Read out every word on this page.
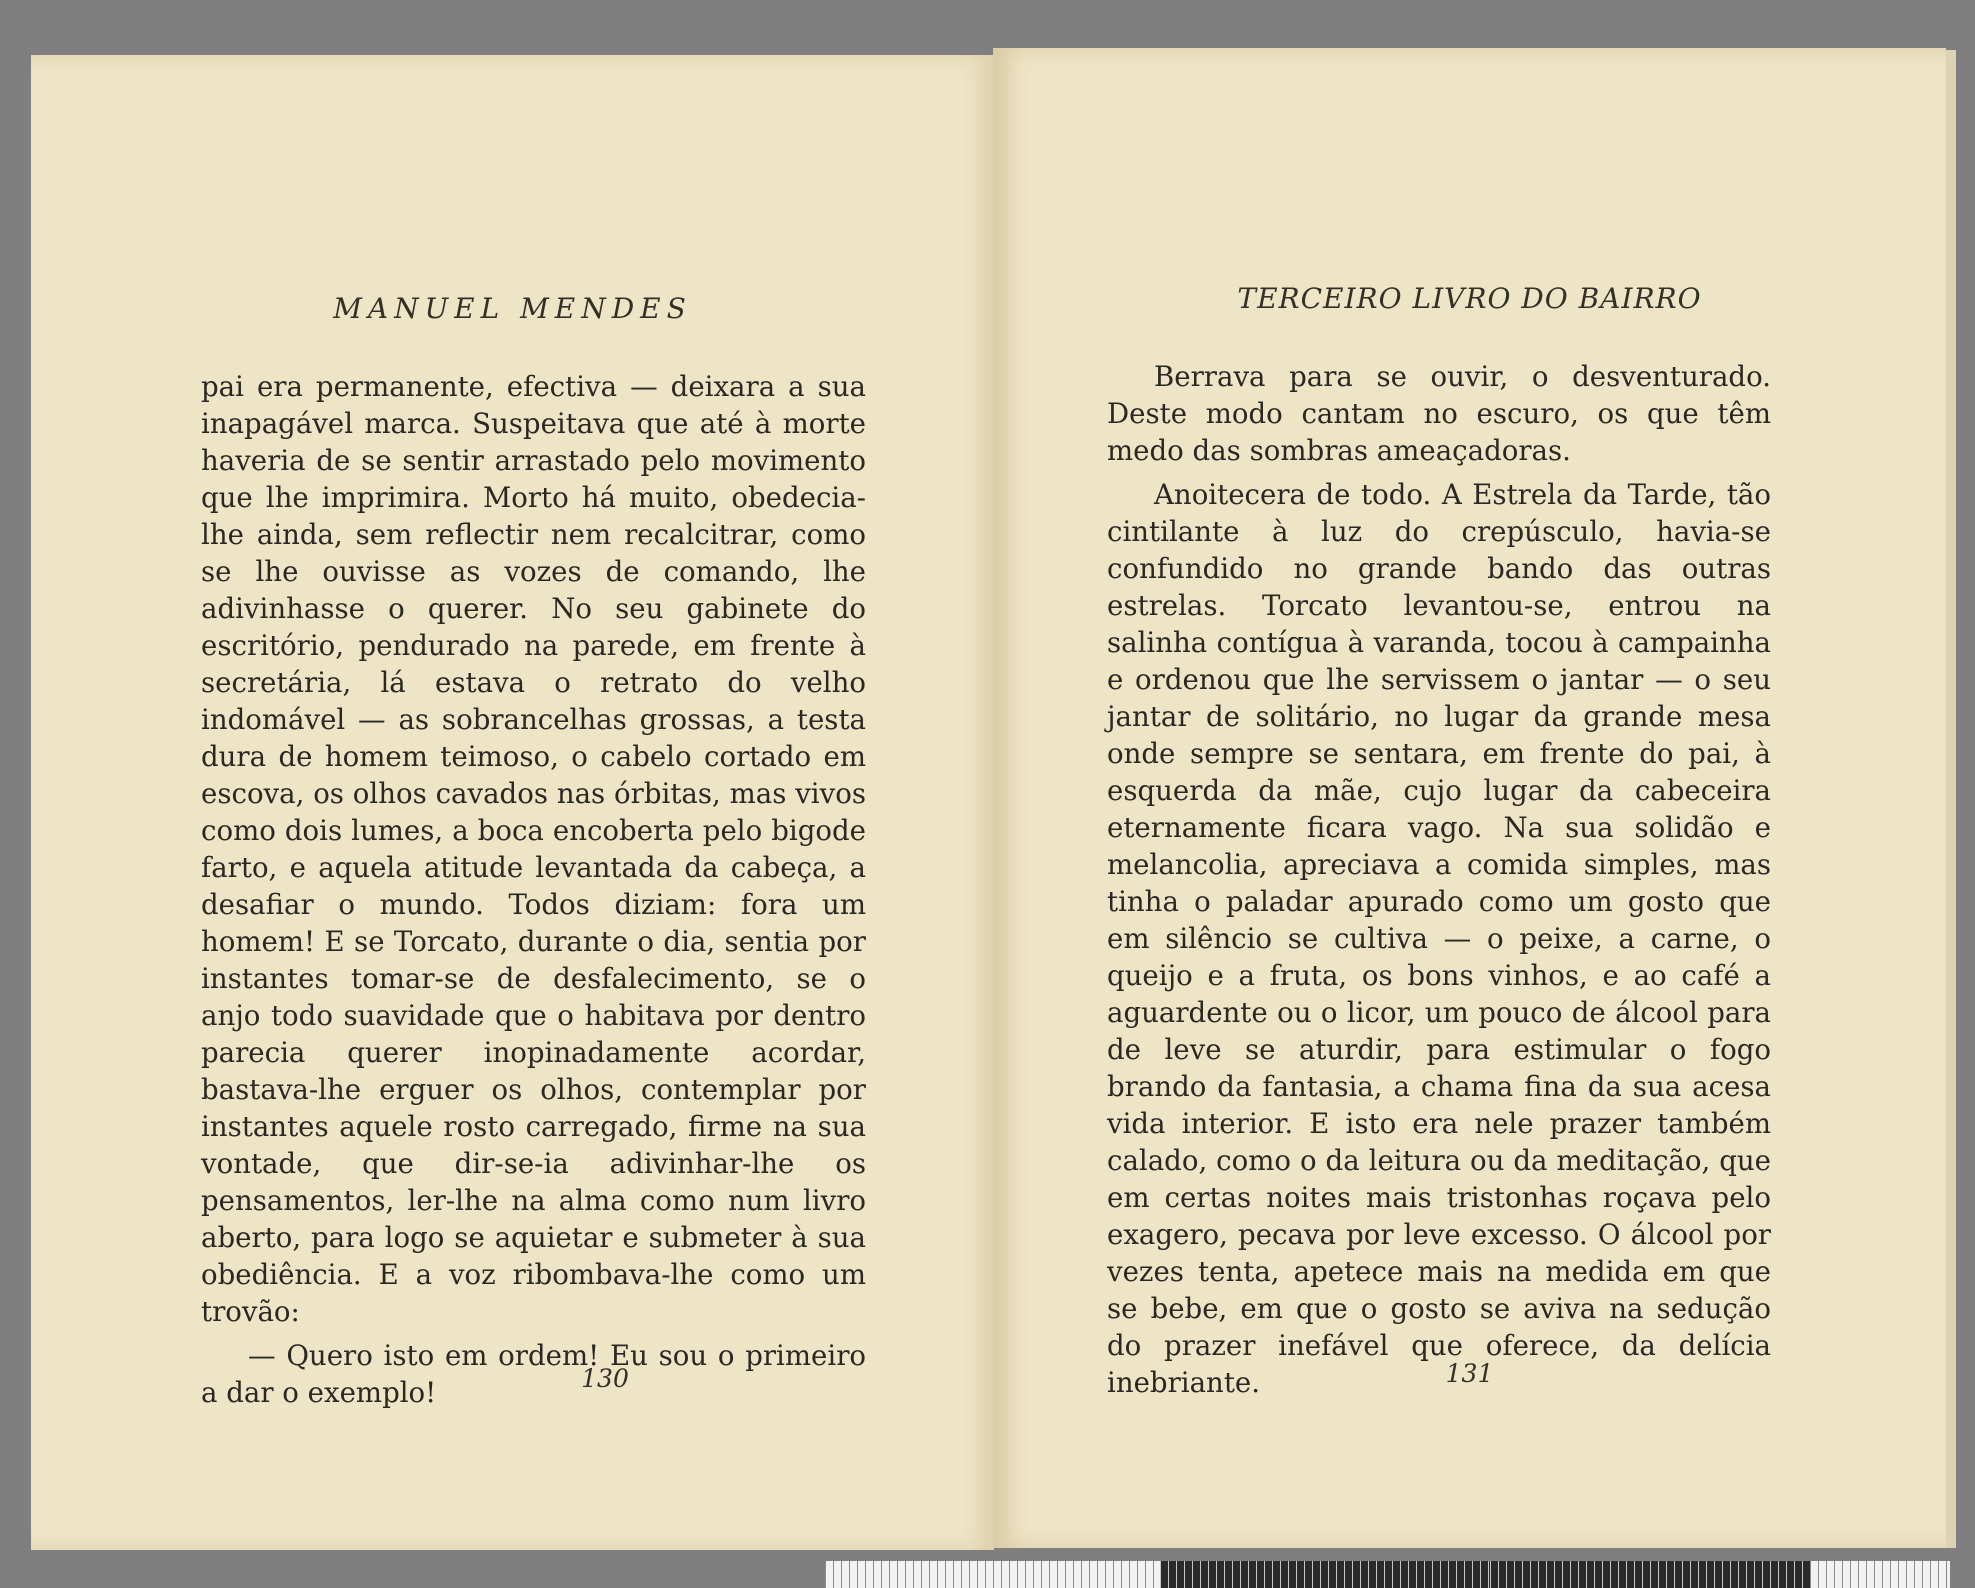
MANUEL MENDES

pai era permanente, efectiva — deixara a sua inapagável marca. Suspeitava que até à morte haveria de se sentir arrastado pelo movimento que lhe imprimira. Morto há muito, obedecia-lhe ainda, sem reflectir nem recalcitrar, como se lhe ouvisse as vozes de comando, lhe adivinhasse o querer. No seu gabinete do escritório, pendurado na parede, em frente à secretária, lá estava o retrato do velho indomável — as sobrancelhas grossas, a testa dura de homem teimoso, o cabelo cortado em escova, os olhos cavados nas órbitas, mas vivos como dois lumes, a boca encoberta pelo bigode farto, e aquela atitude levantada da cabeça, a desafiar o mundo. Todos diziam: fora um homem! E se Torcato, durante o dia, sentia por instantes tomar-se de desfalecimento, se o anjo todo suavidade que o habitava por dentro parecia querer inopinadamente acordar, bastava-lhe erguer os olhos, contemplar por instantes aquele rosto carregado, firme na sua vontade, que dir-se-ia adivinhar-lhe os pensamentos, ler-lhe na alma como num livro aberto, para logo se aquietar e submeter à sua obediência. E a voz ribombava-lhe como um trovão:

— Quero isto em ordem! Eu sou o primeiro a dar o exemplo!	130
TERCEIRO LIVRO DO BAIRRO

Berrava para se ouvir, o desventurado. Deste modo cantam no escuro, os que têm medo das sombras ameaçadoras.

Anoitecera de todo. A Estrela da Tarde, tão cintilante à luz do crepúsculo, havia-se confundido no grande bando das outras estrelas. Torcato levantou-se, entrou na salinha contígua à varanda, tocou à campainha e ordenou que lhe servissem o jantar — o seu jantar de solitário, no lugar da grande mesa onde sempre se sentara, em frente do pai, à esquerda da mãe, cujo lugar da cabeceira eternamente ficara vago. Na sua solidão e melancolia, apreciava a comida simples, mas tinha o paladar apurado como um gosto que em silêncio se cultiva — o peixe, a carne, o queijo e a fruta, os bons vinhos, e ao café a aguardente ou o licor, um pouco de álcool para de leve se aturdir, para estimular o fogo brando da fantasia, a chama fina da sua acesa vida interior. E isto era nele prazer também calado, como o da leitura ou da meditação, que em certas noites mais tristonhas roçava pelo exagero, pecava por leve excesso. O álcool por vezes tenta, apetece mais na medida em que se bebe, em que o gosto se aviva na sedução do prazer inefável que oferece, da delícia inebriante.	131
